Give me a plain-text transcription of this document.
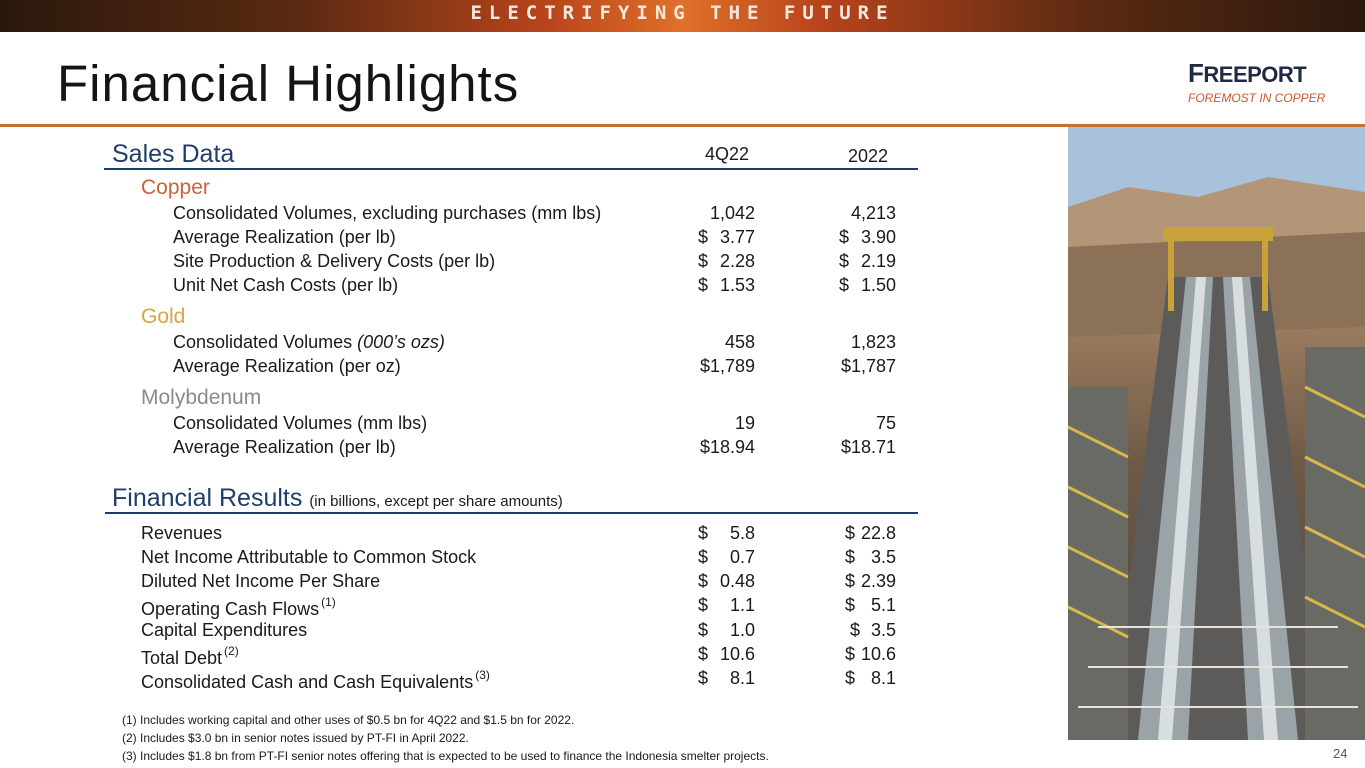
ELECTRIFYING THE FUTURE
Financial Highlights	FREEPORT
FOREMOST IN COPPER
Sales Data	4Q22	2022
Copper
Consolidated Volumes, excluding purchases (mm lbs)	1,042	4,213
Average Realization (per lb)	$ 3.77	$ 3.90
Site Production & Delivery Costs (per lb)	$ 2.28	$ 2.19
Unit Net Cash Costs (per lb)	$ 1.53	$ 1.50
Gold
Consolidated Volumes (000’s ozs)	458	1,823
Average Realization (per oz)	$1,789	$1,787
Molybdenum
Consolidated Volumes (mm lbs)	19	75
Average Realization (per lb)	$18.94	$18.71
Financial Results (in billions, except per share amounts)
Revenues	$ 5.8	$ 22.8
Net Income Attributable to Common Stock	$ 0.7	$ 3.5
Diluted Net Income Per Share	$ 0.48	$ 2.39
Operating Cash Flows $^{(1)}$	$ 1.1	$ 5.1
Capital Expenditures	$ 1.0	$ 3.5
Total Debt $^{(2)}$	$ 10.6	$ 10.6
Consolidated Cash and Cash Equivalents $^{(3)}$	$ 8.1	$ 8.1
(1) Includes working capital and other uses of $0.5 bn for 4Q22 and $1.5 bn for 2022.
(2) Includes $3.0 bn in senior notes issued by PT-FI in April 2022.
(3) Includes $1.8 bn from PT-FI senior notes offering that is expected to be used to finance the Indonesia smelter projects.	24
